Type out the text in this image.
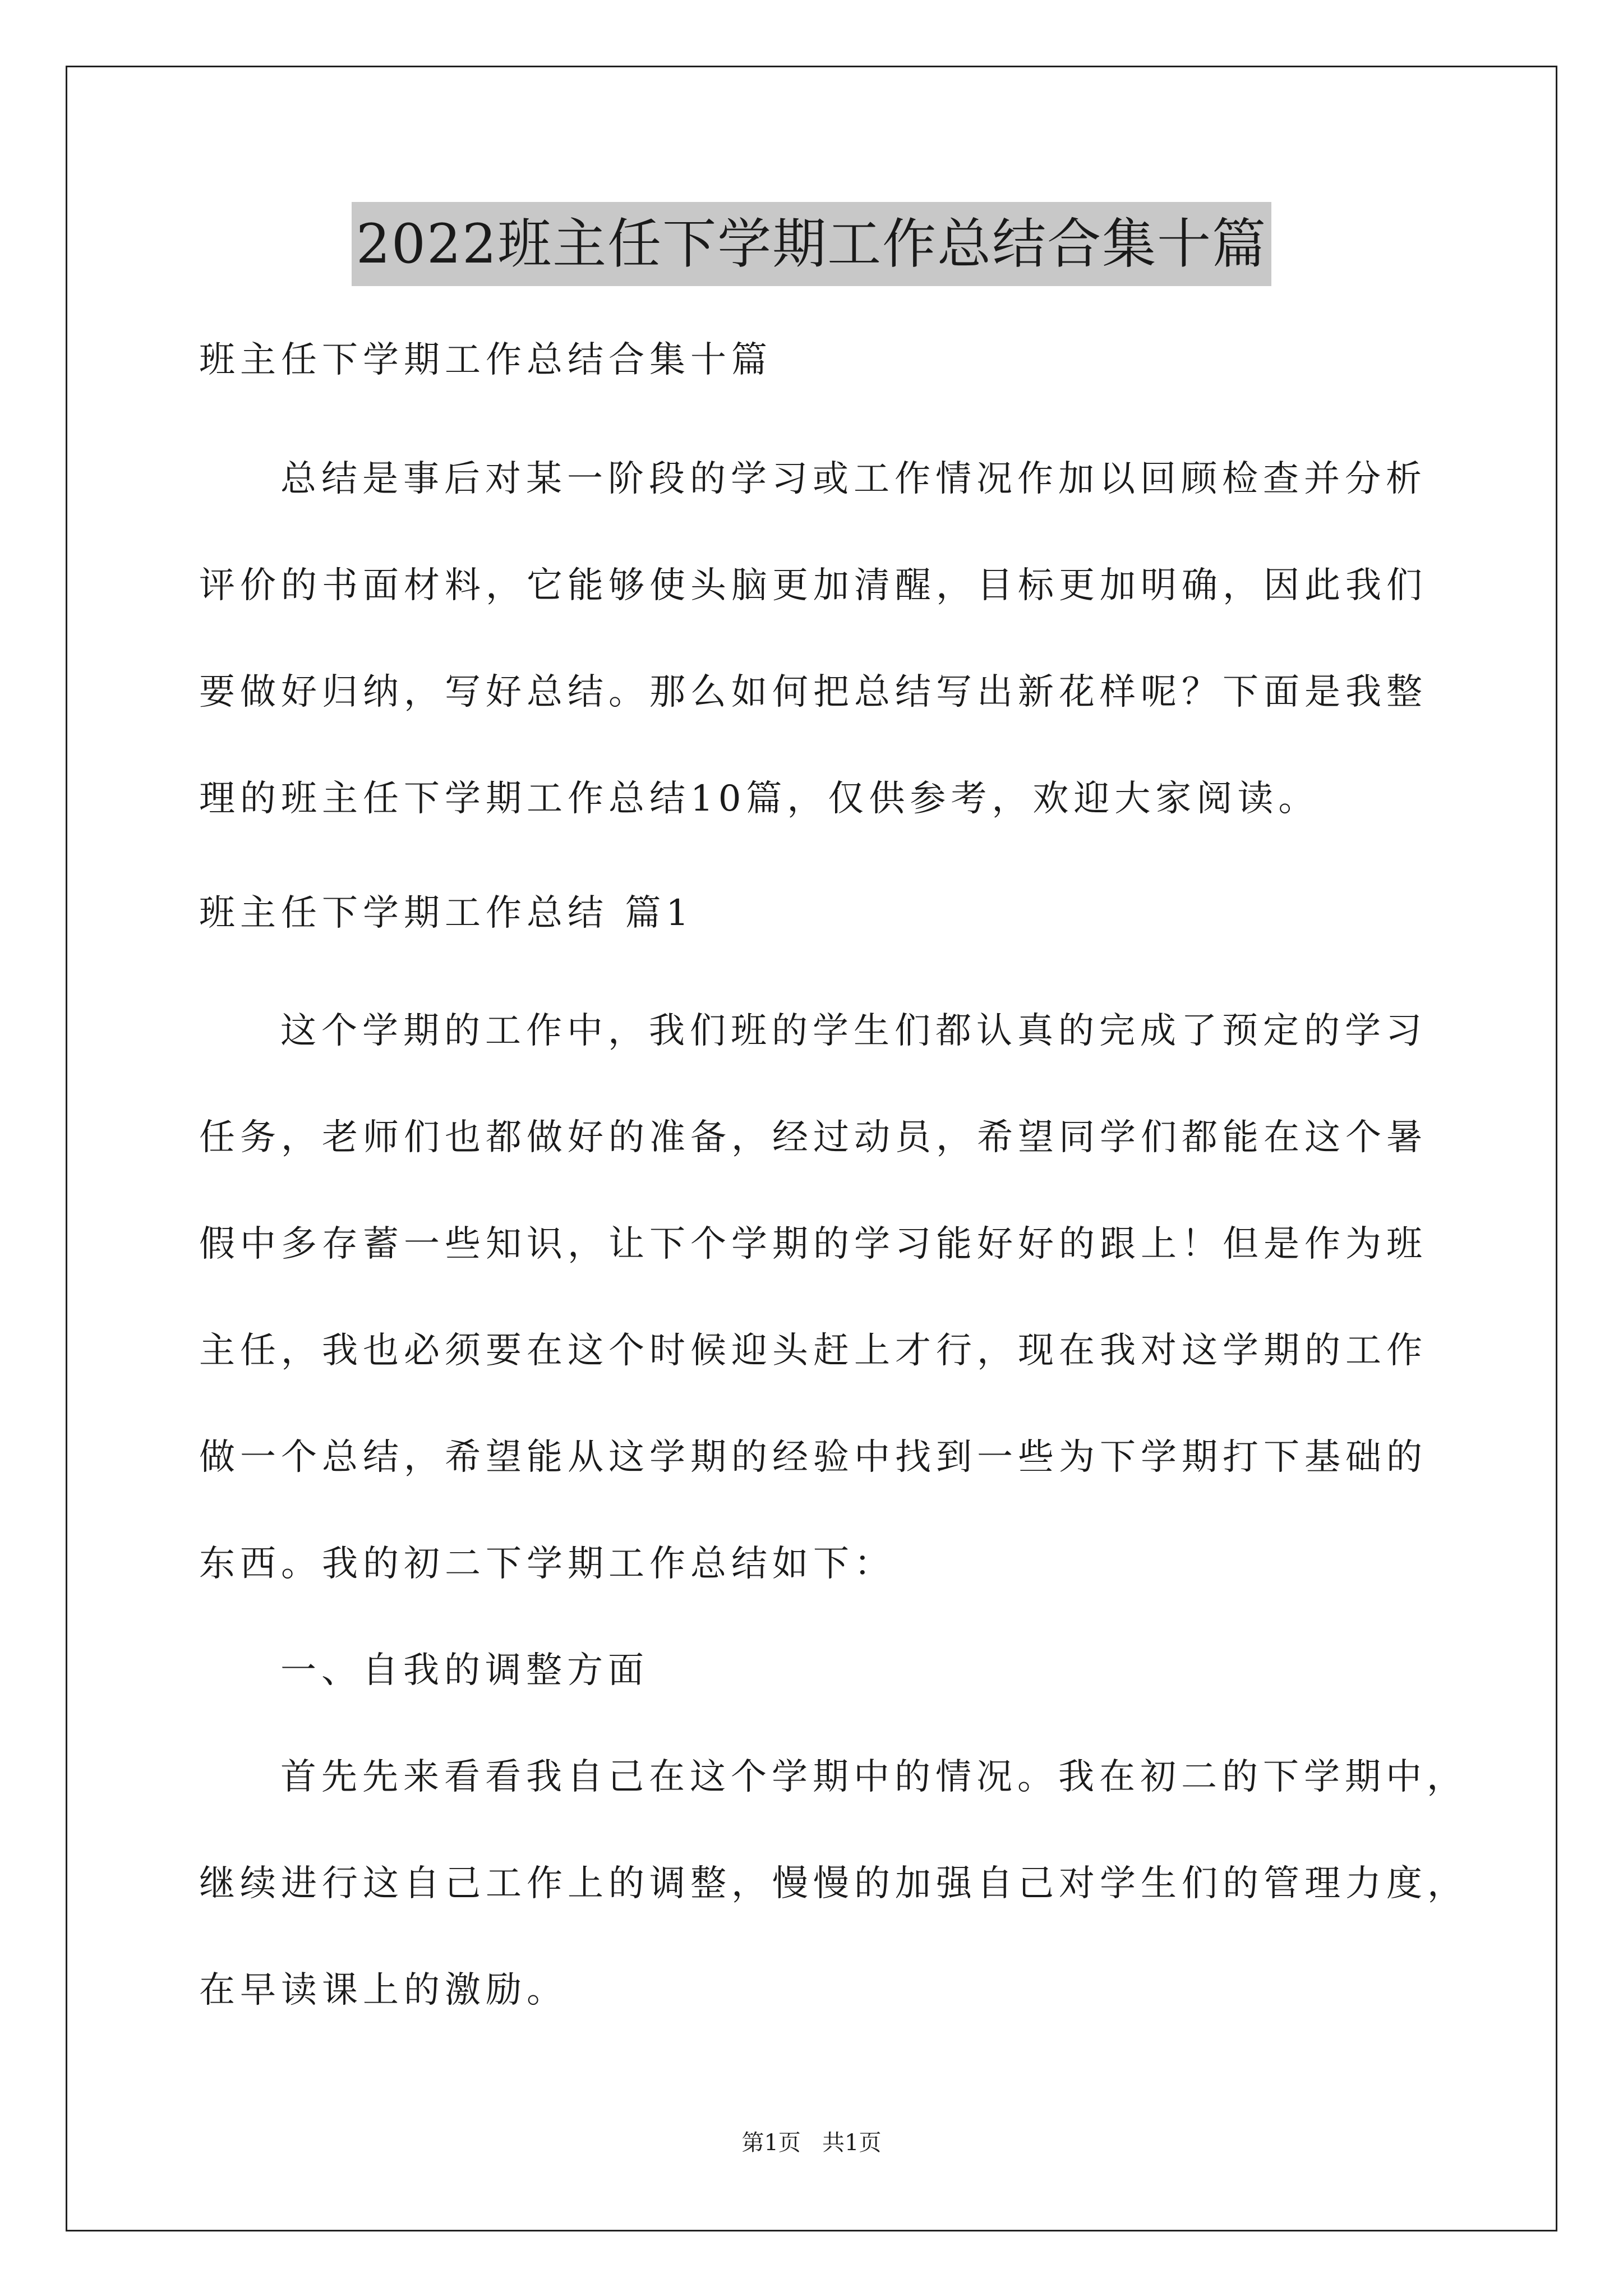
2022班主任下学期工作总结合集十篇
班主任下学期工作总结合集十篇
总结是事后对某一阶段的学习或工作情况作加以回顾检查并分析
评价的书面材料，它能够使头脑更加清醒，目标更加明确，因此我们
要做好归纳，写好总结。那么如何把总结写出新花样呢？下面是我整
理的班主任下学期工作总结10篇，仅供参考，欢迎大家阅读。
班主任下学期工作总结 篇1
这个学期的工作中，我们班的学生们都认真的完成了预定的学习
任务，老师们也都做好的准备，经过动员，希望同学们都能在这个暑
假中多存蓄一些知识，让下个学期的学习能好好的跟上！但是作为班
主任，我也必须要在这个时候迎头赶上才行，现在我对这学期的工作
做一个总结，希望能从这学期的经验中找到一些为下学期打下基础的
东西。我的初二下学期工作总结如下：
一、自我的调整方面
首先先来看看我自己在这个学期中的情况。我在初二的下学期中，
继续进行这自己工作上的调整，慢慢的加强自己对学生们的管理力度，
在早读课上的激励。
第1页   共1页
